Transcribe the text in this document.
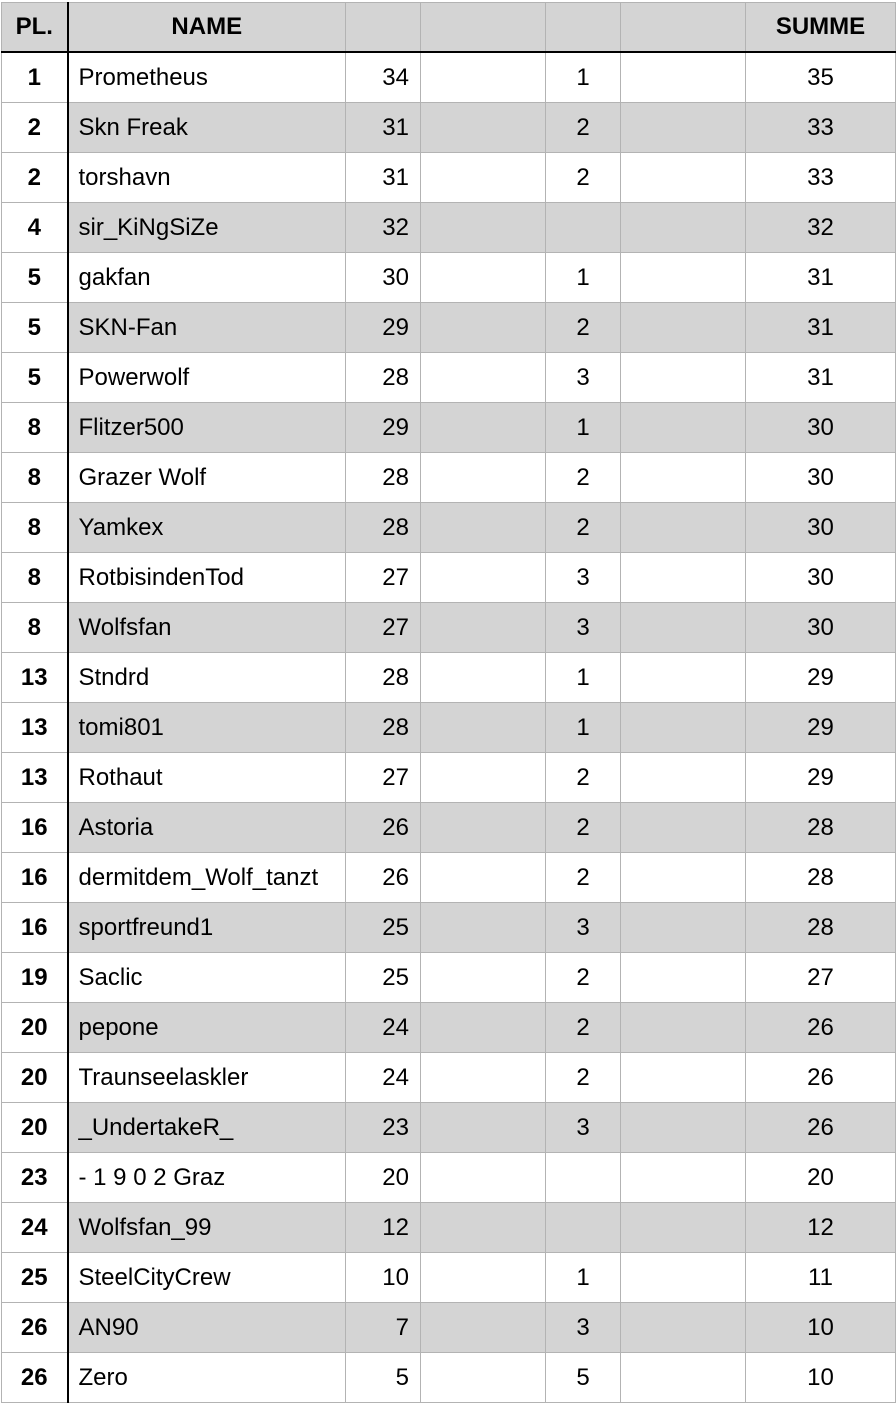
PL.	NAME					SUMME
1	Prometheus	34		1		35
2	Skn Freak	31		2		33
2	torshavn	31		2		33
4	sir_KiNgSiZe	32				32
5	gakfan	30		1		31
5	SKN-Fan	29		2		31
5	Powerwolf	28		3		31
8	Flitzer500	29		1		30
8	Grazer Wolf	28		2		30
8	Yamkex	28		2		30
8	RotbisindenTod	27		3		30
8	Wolfsfan	27		3		30
13	Stndrd	28		1		29
13	tomi801	28		1		29
13	Rothaut	27		2		29
16	Astoria	26		2		28
16	dermitdem_Wolf_tanzt	26		2		28
16	sportfreund1	25		3		28
19	Saclic	25		2		27
20	pepone	24		2		26
20	Traunseelaskler	24		2		26
20	_UndertakeR_	23		3		26
23	- 1 9 0 2 Graz	20				20
24	Wolfsfan_99	12				12
25	SteelCityCrew	10		1		11
26	AN90	7		3		10
26	Zero	5		5		10
